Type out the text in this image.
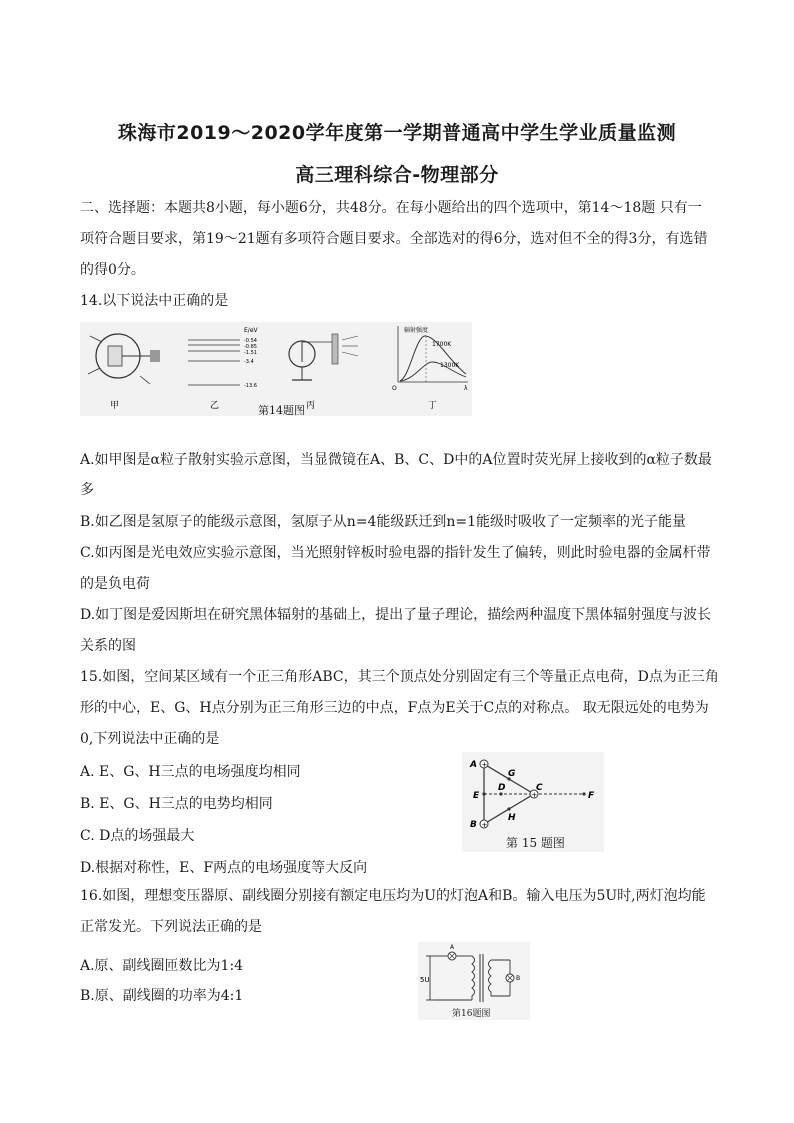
珠海市2019～2020学年度第一学期普通高中学生学业质量监测
高三理科综合-物理部分
二、选择题：本题共8小题，每小题6分，共48分。在每小题给出的四个选项中，第14～18题 只有一
项符合题目要求，第19～21题有多项符合题目要求。全部选对的得6分，选对但不全的得3分，有选错
的得0分。
14.以下说法中正确的是
甲
E/eV
-0.54
-0.85
-1.51
-3.4
-13.6
乙	丙
辐射强度
1700K
1300K
O	λ
丁
第14题图
A.如甲图是α粒子散射实验示意图，当显微镜在A、B、C、D中的A位置时荧光屏上接收到的α粒子数最
多
B.如乙图是氢原子的能级示意图，氢原子从n=4能级跃迁到n=1能级时吸收了一定频率的光子能量
C.如丙图是光电效应实验示意图，当光照射锌板时验电器的指针发生了偏转，则此时验电器的金属杆带
的是负电荷
D.如丁图是爱因斯坦在研究黑体辐射的基础上，提出了量子理论，描绘两种温度下黑体辐射强度与波长
关系的图
15.如图，空间某区域有一个正三角形ABC，其三个顶点处分别固定有三个等量正点电荷，D点为正三角
形的中心，E、G、H点分别为正三角形三边的中点，F点为E关于C点的对称点。 取无限远处的电势为
0,下列说法中正确的是
A. E、G、H三点的电场强度均相同
B. E、G、H三点的电势均相同
C. D点的场强最大
D.根据对称性，E、F两点的电场强度等大反向
+
+
+
A
B
C
D
E	F
G
H
第 15 题图
16.如图，理想变压器原、副线圈分别接有额定电压均为U的灯泡A和B。输入电压为5U时,两灯泡均能
正常发光。下列说法正确的是
A.原、副线圈匝数比为1:4
B.原、副线圈的功率为4:1
5U
A
B
第16题图
